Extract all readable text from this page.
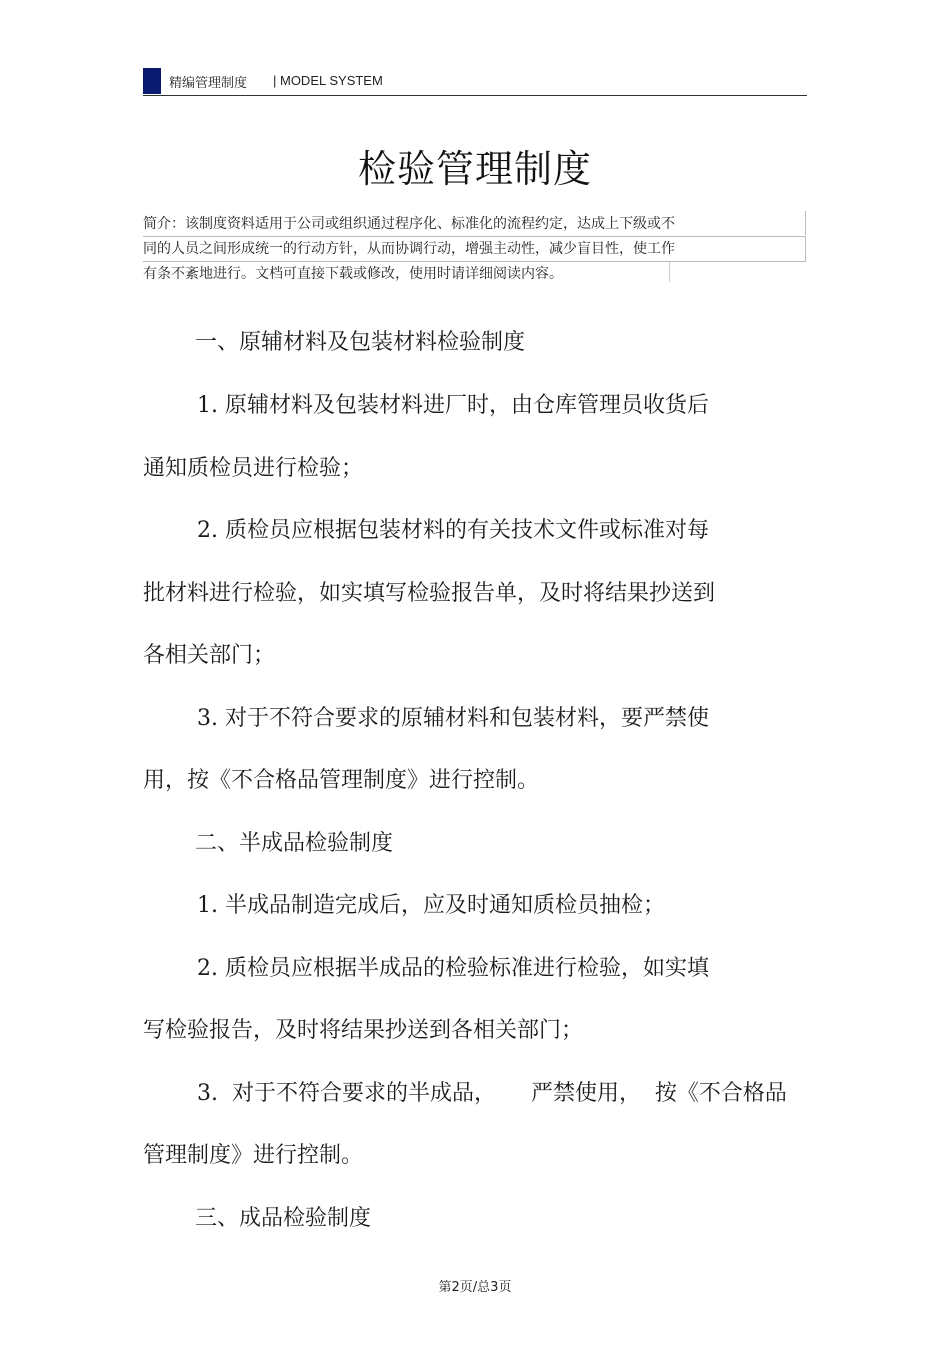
精编管理制度 | MODEL SYSTEM
检验管理制度
简介：该制度资料适用于公司或组织通过程序化、标准化的流程约定，达成上下级或不
同的人员之间形成统一的行动方针，从而协调行动，增强主动性，减少盲目性，使工作
有条不紊地进行。文档可直接下载或修改，使用时请详细阅读内容。
一、原辅材料及包装材料检验制度
1. 原辅材料及包装材料进厂时，由仓库管理员收货后
通知质检员进行检验；
2. 质检员应根据包装材料的有关技术文件或标准对每
批材料进行检验，如实填写检验报告单，及时将结果抄送到
各相关部门；
3. 对于不符合要求的原辅材料和包装材料，要严禁使
用，按《不合格品管理制度》进行控制。
二、半成品检验制度
1. 半成品制造完成后，应及时通知质检员抽检；
2. 质检员应根据半成品的检验标准进行检验，如实填
写检验报告，及时将结果抄送到各相关部门；
3.  对于不符合要求的半成品，     严禁使用，  按《不合格品
管理制度》进行控制。
三、成品检验制度
第2页/总3页
